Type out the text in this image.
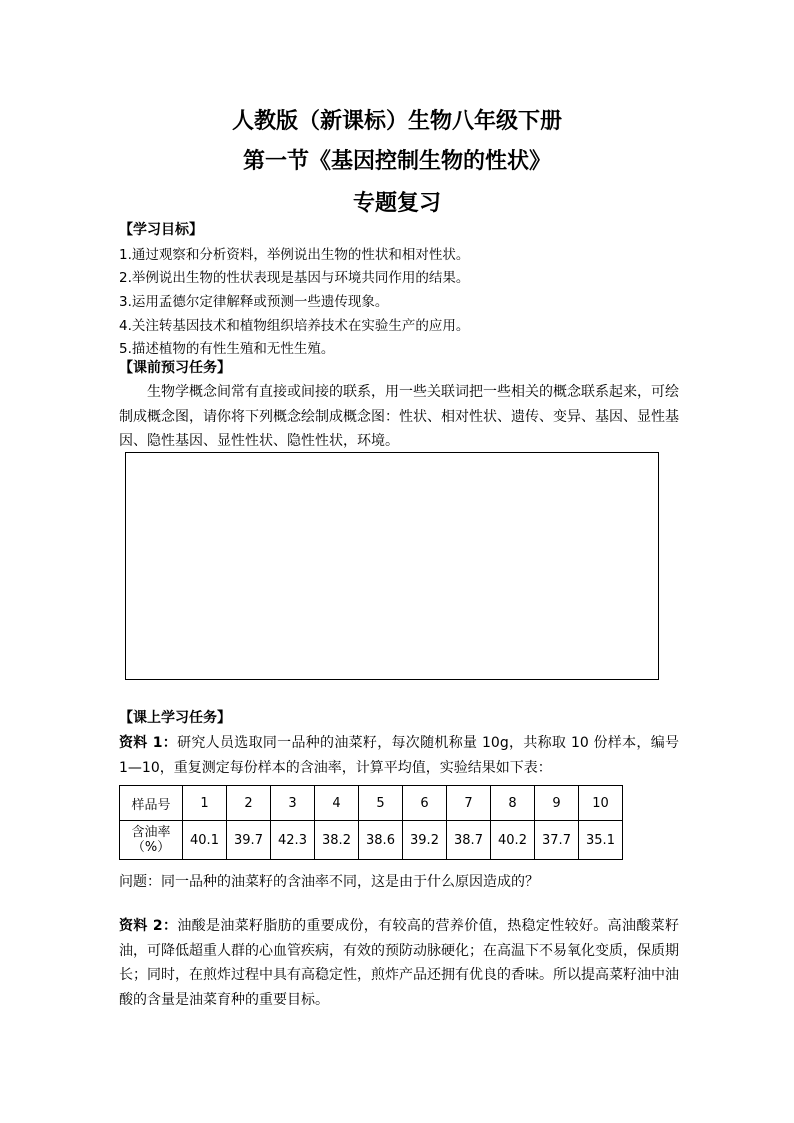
人教版（新课标）生物八年级下册
第一节《基因控制生物的性状》
专题复习
【学习目标】
1.通过观察和分析资料，举例说出生物的性状和相对性状。
2.举例说出生物的性状表现是基因与环境共同作用的结果。
3.运用孟德尔定律解释或预测一些遗传现象。
4.关注转基因技术和植物组织培养技术在实验生产的应用。
5.描述植物的有性生殖和无性生殖。
【课前预习任务】
生物学概念间常有直接或间接的联系，用一些关联词把一些相关的概念联系起来，可绘制成概念图，请你将下列概念绘制成概念图：性状、相对性状、遗传、变异、基因、显性基因、隐性基因、显性性状、隐性性状，环境。
【课上学习任务】
资料 1：研究人员选取同一品种的油菜籽，每次随机称量 10g，共称取 10 份样本，编号 1—10，重复测定每份样本的含油率，计算平均值，实验结果如下表：
样品号	1	2	3	4	5	6	7	8	9	10
含油率
（%）	40.1	39.7	42.3	38.2	38.6	39.2	38.7	40.2	37.7	35.1
问题：同一品种的油菜籽的含油率不同，这是由于什么原因造成的？
资料 2：油酸是油菜籽脂肪的重要成份，有较高的营养价值，热稳定性较好。高油酸菜籽油，可降低超重人群的心血管疾病，有效的预防动脉硬化；在高温下不易氧化变质，保质期长；同时，在煎炸过程中具有高稳定性，煎炸产品还拥有优良的香味。所以提高菜籽油中油酸的含量是油菜育种的重要目标。
